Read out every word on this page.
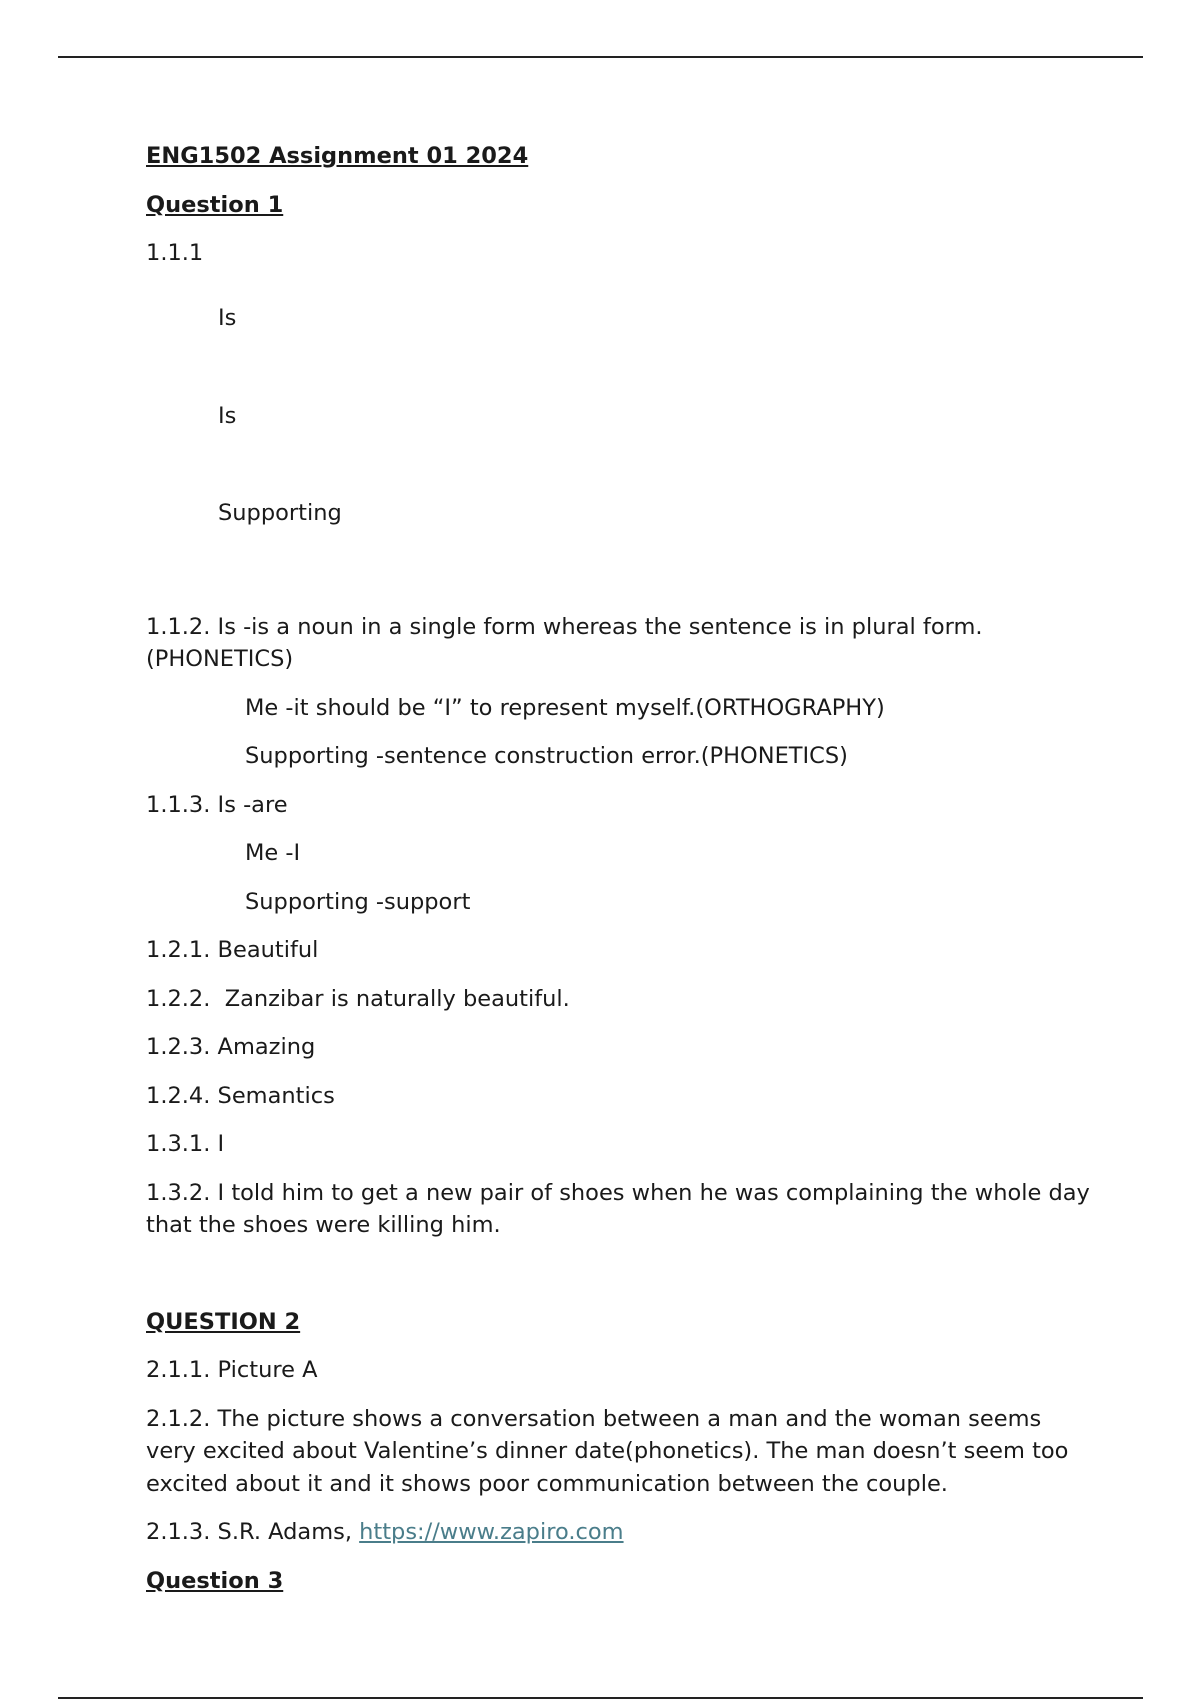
ENG1502 Assignment 01 2024
Question 1
1.1.1

Is

Is

Supporting

1.1.2. Is -is a noun in a single form whereas the sentence is in plural form. (PHONETICS)
Me -it should be “I” to represent myself.(ORTHOGRAPHY)
Supporting -sentence construction error.(PHONETICS)
1.1.3. Is -are
Me -I
Supporting -support
1.2.1. Beautiful
1.2.2.  Zanzibar is naturally beautiful.
1.2.3. Amazing
1.2.4. Semantics
1.3.1. I
1.3.2. I told him to get a new pair of shoes when he was complaining the whole day that the shoes were killing him.
QUESTION 2
2.1.1. Picture A
2.1.2. The picture shows a conversation between a man and the woman seems very excited about Valentine’s dinner date(phonetics). The man doesn’t seem too excited about it and it shows poor communication between the couple.
2.1.3. S.R. Adams, https://www.zapiro.com
Question 3
